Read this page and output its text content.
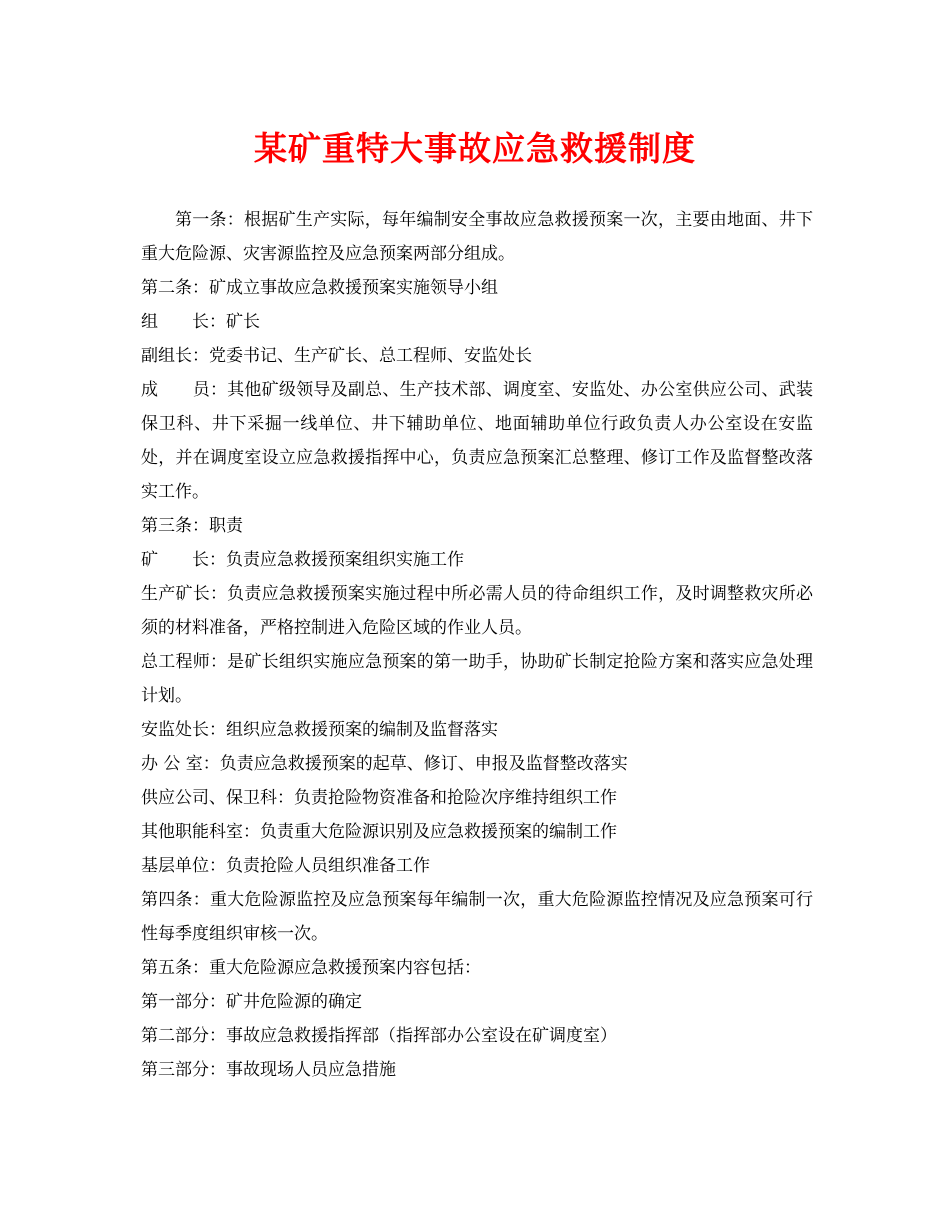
某矿重特大事故应急救援制度

第一条：根据矿生产实际，每年编制安全事故应急救援预案一次，主要由地面、井下重大危险源、灾害源监控及应急预案两部分组成。

第二条：矿成立事故应急救援预案实施领导小组

组　　长：矿长

副组长：党委书记、生产矿长、总工程师、安监处长

成　　员：其他矿级领导及副总、生产技术部、调度室、安监处、办公室供应公司、武装保卫科、井下采掘一线单位、井下辅助单位、地面辅助单位行政负责人办公室设在安监处，并在调度室设立应急救援指挥中心，负责应急预案汇总整理、修订工作及监督整改落实工作。

第三条：职责

矿　　长：负责应急救援预案组织实施工作

生产矿长：负责应急救援预案实施过程中所必需人员的待命组织工作，及时调整救灾所必须的材料准备，严格控制进入危险区域的作业人员。

总工程师：是矿长组织实施应急预案的第一助手，协助矿长制定抢险方案和落实应急处理计划。

安监处长：组织应急救援预案的编制及监督落实

办 公 室：负责应急救援预案的起草、修订、申报及监督整改落实

供应公司、保卫科：负责抢险物资准备和抢险次序维持组织工作

其他职能科室：负责重大危险源识别及应急救援预案的编制工作

基层单位：负责抢险人员组织准备工作

第四条：重大危险源监控及应急预案每年编制一次，重大危险源监控情况及应急预案可行性每季度组织审核一次。

第五条：重大危险源应急救援预案内容包括：

第一部分：矿井危险源的确定

第二部分：事故应急救援指挥部（指挥部办公室设在矿调度室）

第三部分：事故现场人员应急措施
